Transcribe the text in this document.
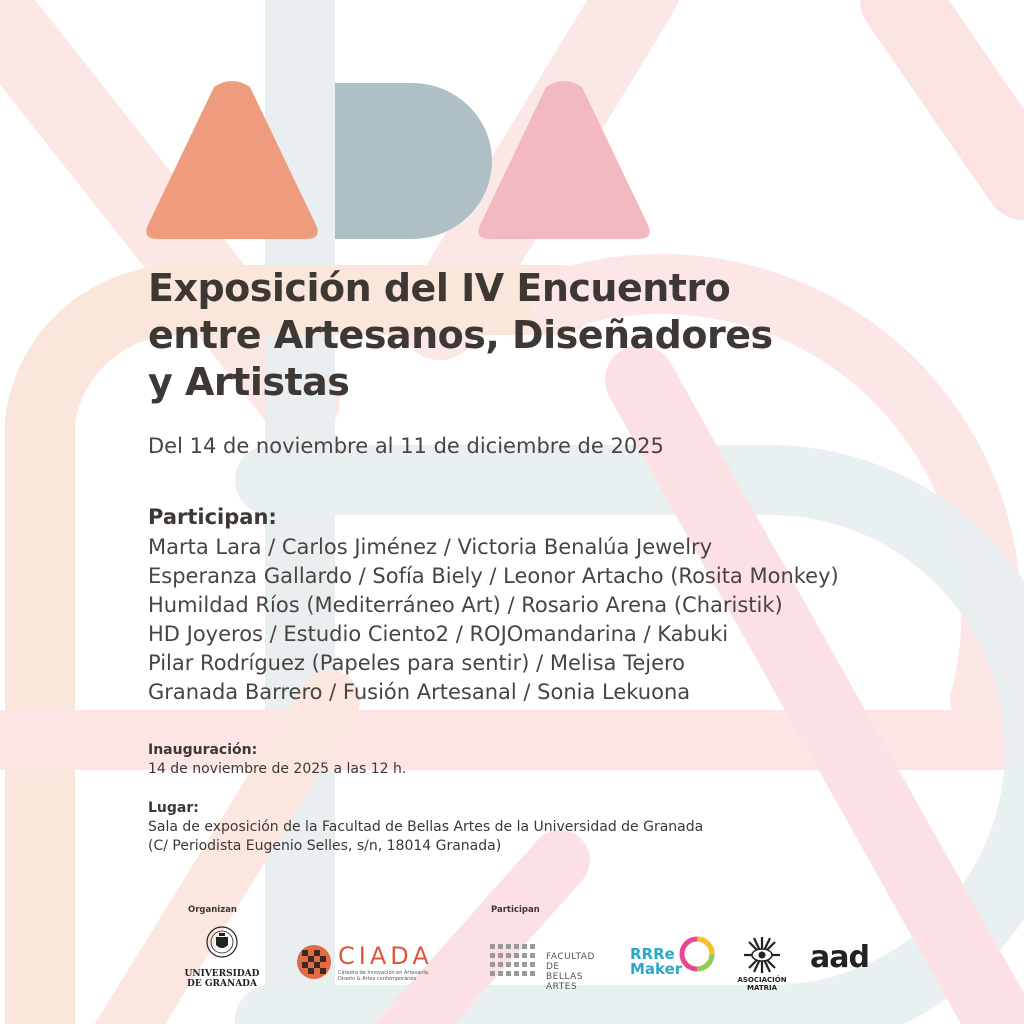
Exposición del IV Encuentro
entre Artesanos, Diseñadores
y Artistas
Del 14 de noviembre al 11 de diciembre de 2025
Participan:
Marta Lara / Carlos Jiménez / Victoria Benalúa Jewelry
Esperanza Gallardo / Sofía Biely / Leonor Artacho (Rosita Monkey)
Humildad Ríos (Mediterráneo Art) / Rosario Arena (Charistik)
HD Joyeros / Estudio Ciento2 / ROJOmandarina / Kabuki
Pilar Rodríguez (Papeles para sentir) / Melisa Tejero
Granada Barrero / Fusión Artesanal / Sonia Lekuona
Inauguración:
14 de noviembre de 2025 a las 12 h.
Lugar:
Sala de exposición de la Facultad de Bellas Artes de la Universidad de Granada
(C/ Periodista Eugenio Selles, s/n, 18014 Granada)
Organizan	Participan
UNIVERSIDAD
DE GRANADA
CIADA
Cátedra de Innovación en Artesanía,
Diseño & Artes contemporáneo
FACULTAD DE
BELLAS ARTES
RRRe
Maker
ASOCIACIÓN
MATRIA
aad
